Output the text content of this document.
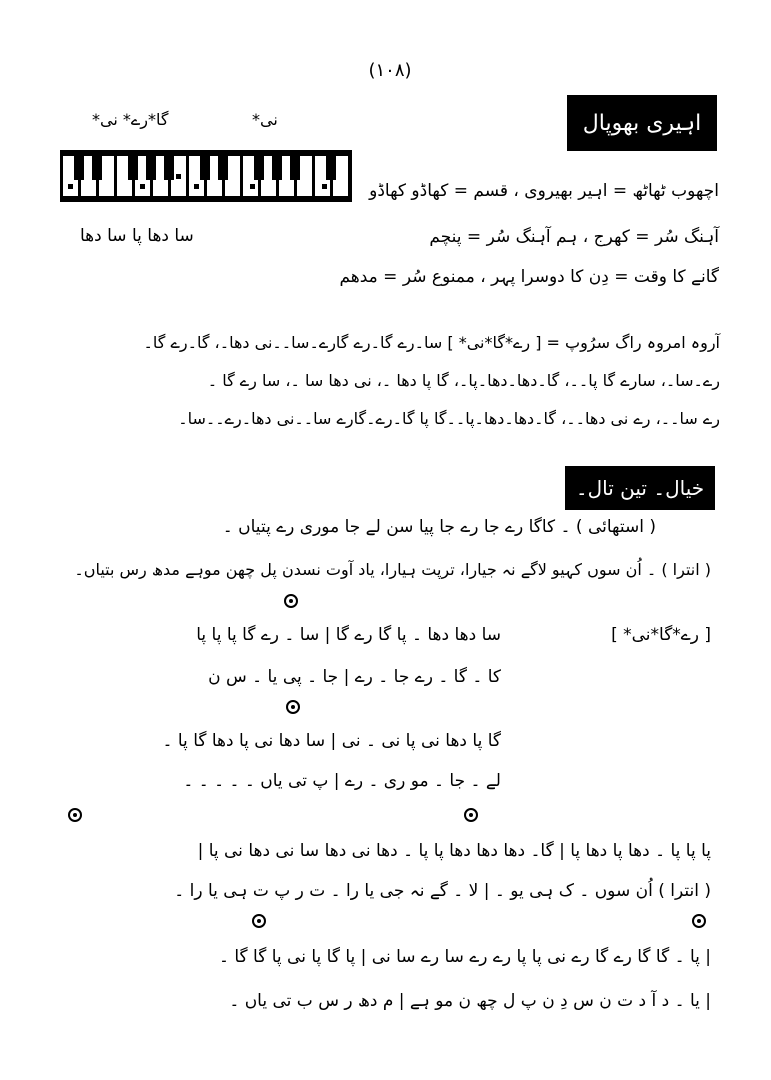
(۱۰۸)
اہیری بھوپال
نی*
گا*رے* نی*
اچھوب ٹھاٹھ = اہیر بھیروی ، قسم = کھاڈو کھاڈو
آہنگ سُر = کھرج ، ہم آہنگ سُر = پنچم
گانے کا وقت = دِن کا دوسرا پہر ، ممنوع سُر = مدھم
سا دھا پا سا دھا
آروہ امروہ راگ سرُوپ = [ رے*گا*نی* ] سا۔رے گا۔رے گارے۔سا۔۔نی دھا۔، گا۔رے گا۔
رے۔سا۔، سارے گا پا۔۔، گا۔دھا۔دھا۔پا۔، گا پا دھا ۔، نی دھا سا ۔، سا رے گا ۔
رے سا۔۔، رے نی دھا۔۔، گا۔دھا۔دھا۔پا۔۔گا پا گا۔رے۔گارے سا۔۔نی دھا۔رے۔۔سا۔
خیال۔ تین تال۔
( استھائی ) ۔ کاگا رے جا رے جا پیا سن لے جا موری رے پتیاں ۔
( انترا ) ۔ اُن سوں کہیو لاگے نہ جیارا، ترپت ہیارا، یاد آوت نسدن پل چھن موہے مدھ رس بتیاں۔
[ رے*گا*نی* ]
سا دھا دھا ۔ پا گا رے گا | سا ۔ رے گا پا پا پا
کا ۔ گا ۔ رے جا ۔ رے | جا ۔ پی یا ۔ س ن
گا پا دھا نی پا نی ۔ نی | سا دھا نی پا دھا گا پا ۔
لے ۔ جا ۔ مو ری ۔ رے | پ تی یاں ۔ ۔ ۔ ۔ ۔
پا پا پا ۔ دھا پا دھا پا | گا۔ دھا دھا دھا پا پا ۔ دھا نی دھا سا نی دھا نی پا |
( انترا ) اُن سوں ۔ ک ہی یو ۔ | لا ۔ گے نہ جی یا را ۔ ت ر پ ت ہی یا را ۔
| پا ۔ گا گا رے گا رے نی پا پا رے رے سا رے سا نی | پا گا پا نی پا گا گا ۔
| یا ۔ د آ د ت ن س دِ ن پ ل چھ ن مو ہے | م دھ ر س ب تی یاں ۔
